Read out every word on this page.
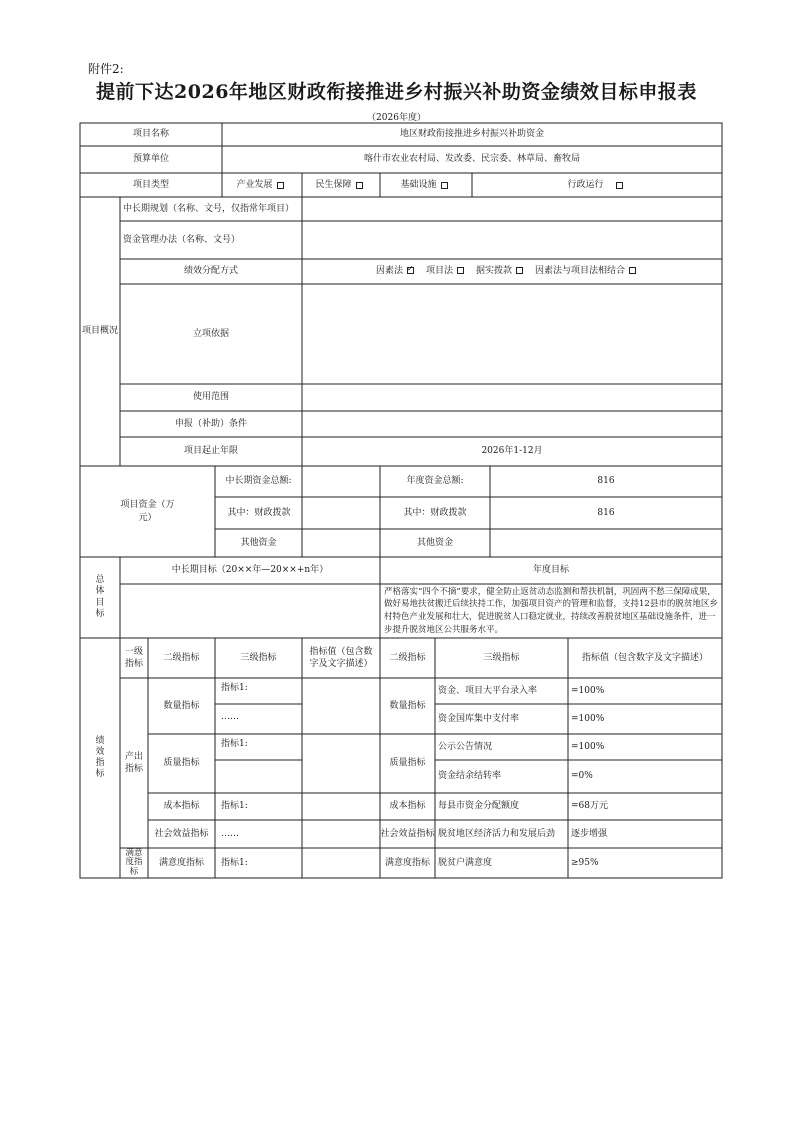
附件2:
提前下达2026年地区财政衔接推进乡村振兴补助资金绩效目标申报表
（2026年度）
项目名称	地区财政衔接推进乡村振兴补助资金
预算单位	喀什市农业农村局、发改委、民宗委、林草局、畜牧局
项目类型	产业发展	民生保障	基础设施	行政运行
项目概况
中长期规划（名称、文号，仅指常年项目）
资金管理办法（名称、文号）
绩效分配方式	因素法✓	项目法	据实拨款	因素法与项目法相结合
立项依据
使用范围
申报（补助）条件
项目起止年限	2026年1-12月
项目资金（万元）
中长期资金总额:	年度资金总额:	816
其中：财政拨款	其中：财政拨款	816
其他资金	其他资金
总体目标
中长期目标（20××年—20××+n年）	年度目标
严格落实“四个不摘”要求，健全防止返贫动态监测和帮扶机制，巩固两不愁三保障成果，做好易地扶贫搬迁后续扶持工作，加强项目资产的管理和监督，支持12县市的脱贫地区乡村特色产业发展和壮大，促进脱贫人口稳定就业，持续改善脱贫地区基础设施条件，进一步提升脱贫地区公共服务水平。
绩效指标
一级指标
二级指标	三级指标
指标值（包含数字及文字描述）
二级指标	三级指标	指标值（包含数字及文字描述）
产出指标
满意度指标
数量指标
质量指标
成本指标
社会效益指标
满意度指标
指标1:
……
指标1:
指标1:
……
指标1:
数量指标
质量指标
成本指标
社会效益指标
满意度指标
资金、项目大平台录入率	=100%
资金国库集中支付率	=100%
公示公告情况	=100%
资金结余结转率	=0%
每县市资金分配额度	=68万元
脱贫地区经济活力和发展后劲	逐步增强
脱贫户满意度	≥95%
